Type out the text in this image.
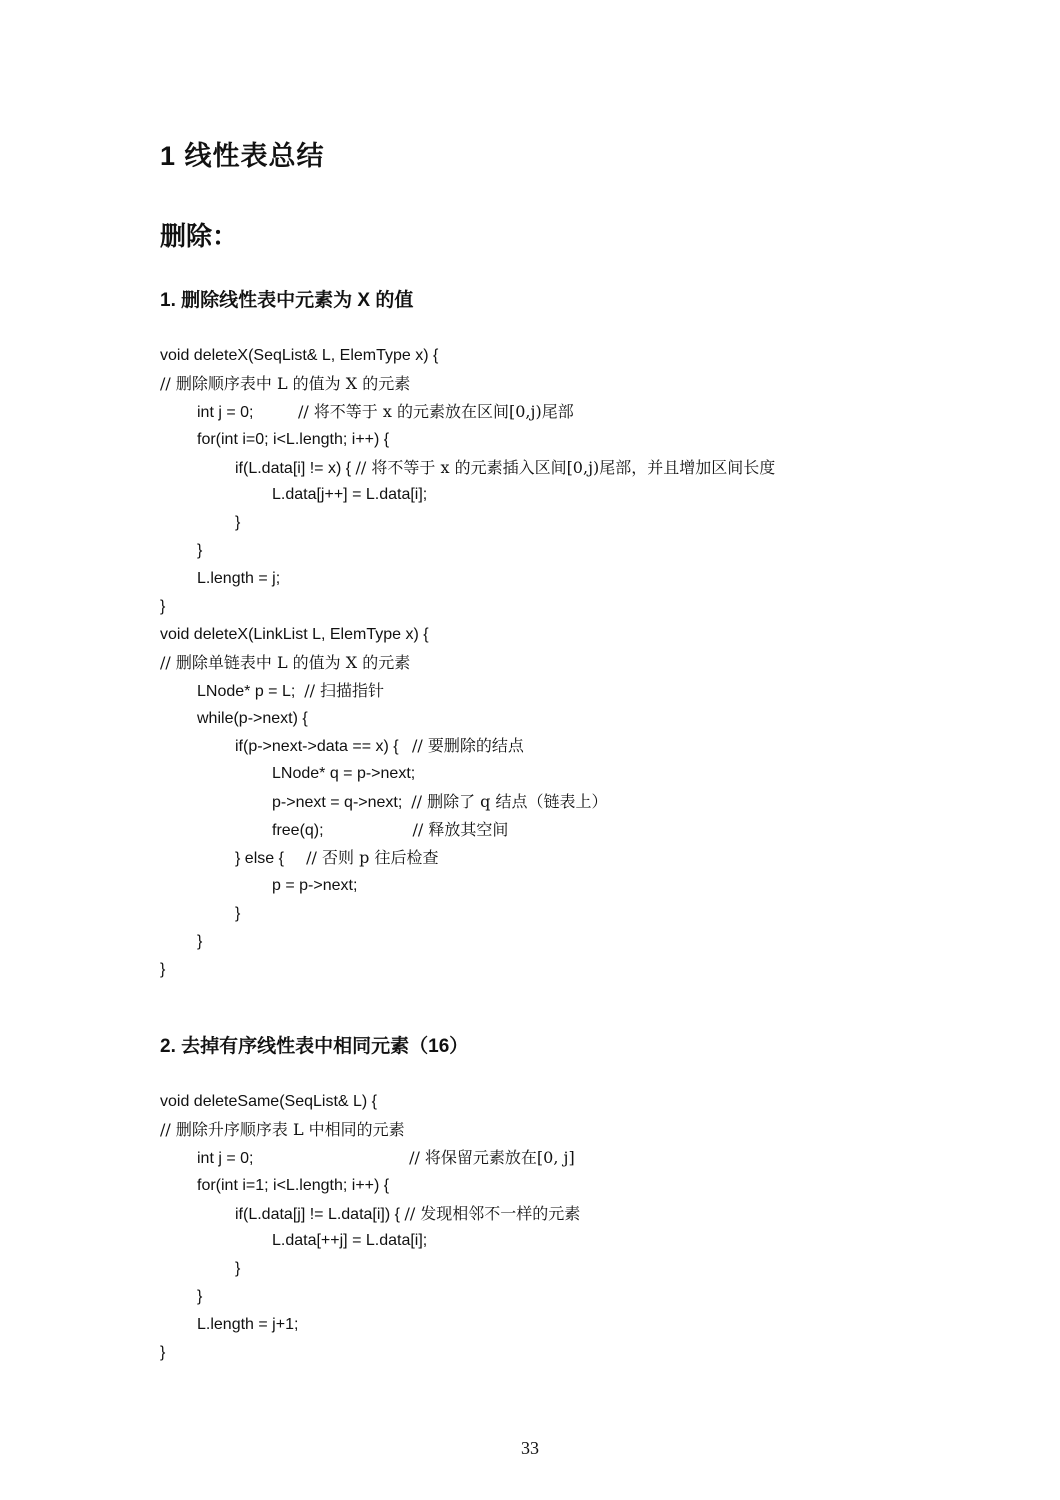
1 线性表总结
删除：
1. 删除线性表中元素为 X 的值
void deleteX(SeqList& L, ElemType x) {
// 删除顺序表中 L 的值为 X 的元素
int j = 0;          // 将不等于 x 的元素放在区间[0,j)尾部
for(int i=0; i<L.length; i++) {
if(L.data[i] != x) { // 将不等于 x 的元素插入区间[0,j)尾部，并且增加区间长度
L.data[j++] = L.data[i];
}
}
L.length = j;
}
void deleteX(LinkList L, ElemType x) {
// 删除单链表中 L 的值为 X 的元素
LNode* p = L;  // 扫描指针
while(p->next) {
if(p->next->data == x) {   // 要删除的结点
LNode* q = p->next;
p->next = q->next;  // 删除了 q 结点（链表上）
free(q);                    // 释放其空间
} else {     // 否则 p 往后检查
p = p->next;
}
}
}
2. 去掉有序线性表中相同元素（16）
void deleteSame(SeqList& L) {
// 删除升序顺序表 L 中相同的元素
int j = 0;                                   // 将保留元素放在[0, j]
for(int i=1; i<L.length; i++) {
if(L.data[j] != L.data[i]) { // 发现相邻不一样的元素
L.data[++j] = L.data[i];
}
}
L.length = j+1;
}
33
